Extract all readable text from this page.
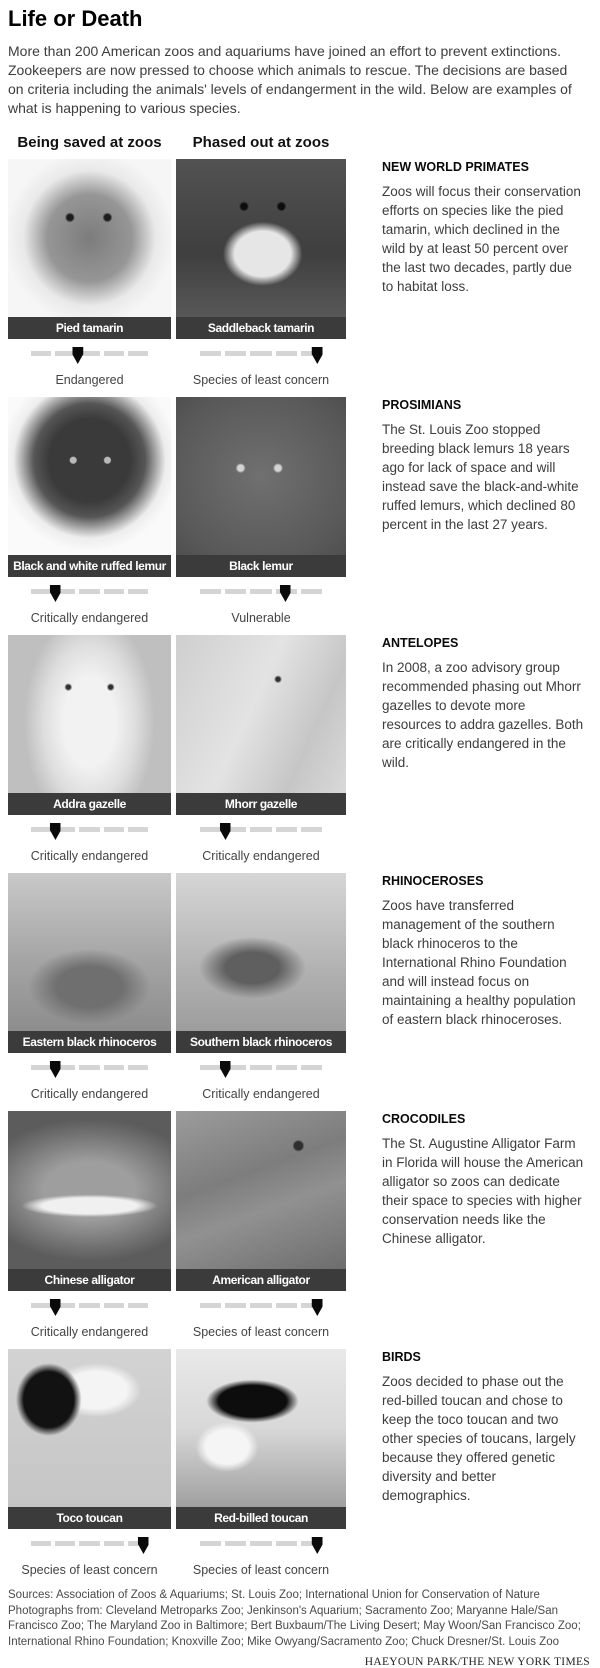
Life or Death
More than 200 American zoos and aquariums have joined an effort to prevent extinctions. Zookeepers are now pressed to choose which animals to rescue. The decisions are based on criteria including the animals' levels of endangerment in the wild. Below are examples of what is happening to various species.
Being saved at zoos	Phased out at zoos
Pied tamarin
Endangered
Saddleback tamarin
Species of least concern
NEW WORLD PRIMATES

Zoos will focus their conservation efforts on species like the pied tamarin, which declined in the wild by at least 50 percent over the last two decades, partly due to habitat loss.

Black and white ruffed lemur
Critically endangered
Black lemur
Vulnerable
PROSIMIANS

The St. Louis Zoo stopped breeding black lemurs 18 years ago for lack of space and will instead save the black-and-white ruffed lemurs, which declined 80 percent in the last 27 years.

Addra gazelle
Critically endangered
Mhorr gazelle
Critically endangered
ANTELOPES

In 2008, a zoo advisory group recommended phasing out Mhorr gazelles to devote more resources to addra gazelles. Both are critically endangered in the wild.

Eastern black rhinoceros
Critically endangered
Southern black rhinoceros
Critically endangered
RHINOCEROSES

Zoos have transferred management of the southern black rhinoceros to the International Rhino Foundation and will instead focus on maintaining a healthy population of eastern black rhinoceroses.

Chinese alligator
Critically endangered
American alligator
Species of least concern
CROCODILES

The St. Augustine Alligator Farm in Florida will house the American alligator so zoos can dedicate their space to species with higher conservation needs like the Chinese alligator.

Toco toucan
Species of least concern
Red-billed toucan
Species of least concern
BIRDS

Zoos decided to phase out the red-billed toucan and chose to keep the toco toucan and two other species of toucans, largely because they offered genetic diversity and better demographics.

Sources: Association of Zoos & Aquariums; St. Louis Zoo; International Union for Conservation of Nature
Photographs from: Cleveland Metroparks Zoo; Jenkinson's Aquarium; Sacramento Zoo; Maryanne Hale/San Francisco Zoo; The Maryland Zoo in Baltimore; Bert Buxbaum/The Living Desert; May Woon/San Francisco Zoo; International Rhino Foundation; Knoxville Zoo; Mike Owyang/Sacramento Zoo; Chuck Dresner/St. Louis Zoo
HAEYOUN PARK/THE NEW YORK TIMES
